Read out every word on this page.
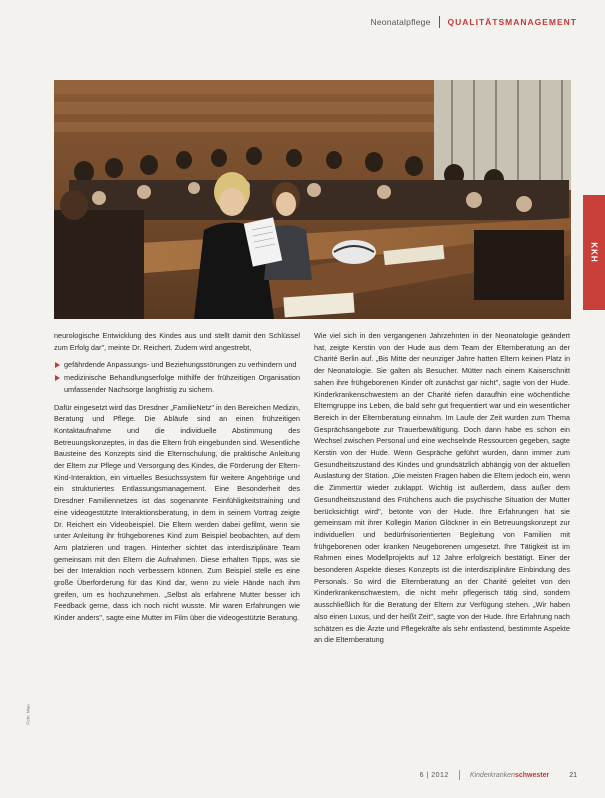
Neonatalpflege QUALITÄTSMANAGEMENT
KKH

neurologische Entwicklung des Kindes aus und stellt damit den Schlüssel zum Erfolg dar", meinte Dr. Reichert. Zudem wird angestrebt,

gefährdende Anpassungs- und Beziehungsstörungen zu verhindern und
medizinische Behandlungserfolge mithilfe der frühzeitigen Organisation umfassender Nachsorge langfristig zu sichern.

Dafür eingesetzt wird das Dresdner „FamilieNetz" in den Bereichen Medizin, Beratung und Pflege. Die Abläufe sind an einen frühzeitigen Kontaktaufnahme und die individuelle Abstimmung des Betreuungskonzeptes, in das die Eltern früh eingebunden sind. Wesentliche Bausteine des Konzepts sind die Elternschulung, die praktische Anleitung der Eltern zur Pflege und Versorgung des Kindes, die Förderung der Eltern-Kind-Interaktion, ein virtuelles Besuchssystem für weitere Angehörige und ein strukturiertes Entlassungsmanagement. Eine Besonderheit des Dresdner Familiennetzes ist das sogenannte Feinfühligkeitstraining und eine videogestützte Interaktionsberatung, in dem in seinem Vortrag zeigte Dr. Reichert ein Videobeispiel. Die Eltern werden dabei gefilmt, wenn sie unter Anleitung ihr frühgeborenes Kind zum Beispiel beobachten, auf dem Arm platzieren und tragen. Hinterher sichtet das interdisziplinäre Team gemeinsam mit den Eltern die Aufnahmen. Diese erhalten Tipps, was sie bei der Interaktion noch verbessern können. Zum Beispiel stelle es eine große Überforderung für das Kind dar, wenn zu viele Hände nach ihm greifen, um es hochzunehmen. „Selbst als erfahrene Mutter besser ich Feedback gerne, dass ich noch nicht wusste. Mir waren Erfahrungen wie Kinder anders", sagte eine Mutter im Film über die videogestützte Beratung.

Wie viel sich in den vergangenen Jahrzehnten in der Neonatologie geändert hat, zeigte Kerstin von der Hude aus dem Team der Elternberatung an der Charité Berlin auf. „Bis Mitte der neunziger Jahre hatten Eltern keinen Platz in der Neonatologie. Sie galten als Besucher. Mütter nach einem Kaiserschnitt sahen ihre frühgeborenen Kinder oft zunächst gar nicht", sagte von der Hude. Kinderkrankenschwestern an der Charité riefen daraufhin eine wöchentliche Elterngruppe ins Leben, die bald sehr gut frequentiert war und ein wesentlicher Bereich in der Elternberatung einnahm. Im Laufe der Zeit wurden zum Thema Gesprächsangebote zur Trauerbewältigung. Doch dann habe es schon ein Wechsel zwischen Personal und eine wechselnde Ressourcen gegeben, sagte Kerstin von der Hude. Wenn Gespräche geführt wurden, dann immer zum Gesundheitszustand des Kindes und grundsätzlich abhängig von der aktuellen Auslastung der Station. „Die meisten Fragen haben die Eltern jedoch ein, wenn die Zimmertür wieder zuklappt. Wichtig ist außerdem, dass außer dem Gesundheitszustand des Frühchens auch die psychische Situation der Mutter berücksichtigt wird", betonte von der Hude. Ihre Erfahrungen hat sie gemeinsam mit ihrer Kollegin Marion Glöckner in ein Betreuungskonzept zur individuellen und bedürfnisorientierten Begleitung von Familien mit frühgeborenen oder kranken Neugeborenen umgesetzt. Ihre Tätigkeit ist im Rahmen eines Modellprojekts auf 12 Jahre erfolgreich bestätigt. Einer der besonderen Aspekte dieses Konzepts ist die interdisziplinäre Einbindung des Personals. So wird die Elternberatung an der Charité geleitet von den Kinderkrankenschwestern, die nicht mehr pflegerisch tätig sind, sondern ausschließlich für die Beratung der Eltern zur Verfügung stehen. „Wir haben also einen Luxus, und der heißt Zeit", sagte von der Hude. Ihre Erfahrung nach schätzen es die Ärzte und Pflegekräfte als sehr entlastend, bestimmte Aspekte an die Elternberatung

Foto: Mau
6 | 2012	Kinderkrankenschwester	21
